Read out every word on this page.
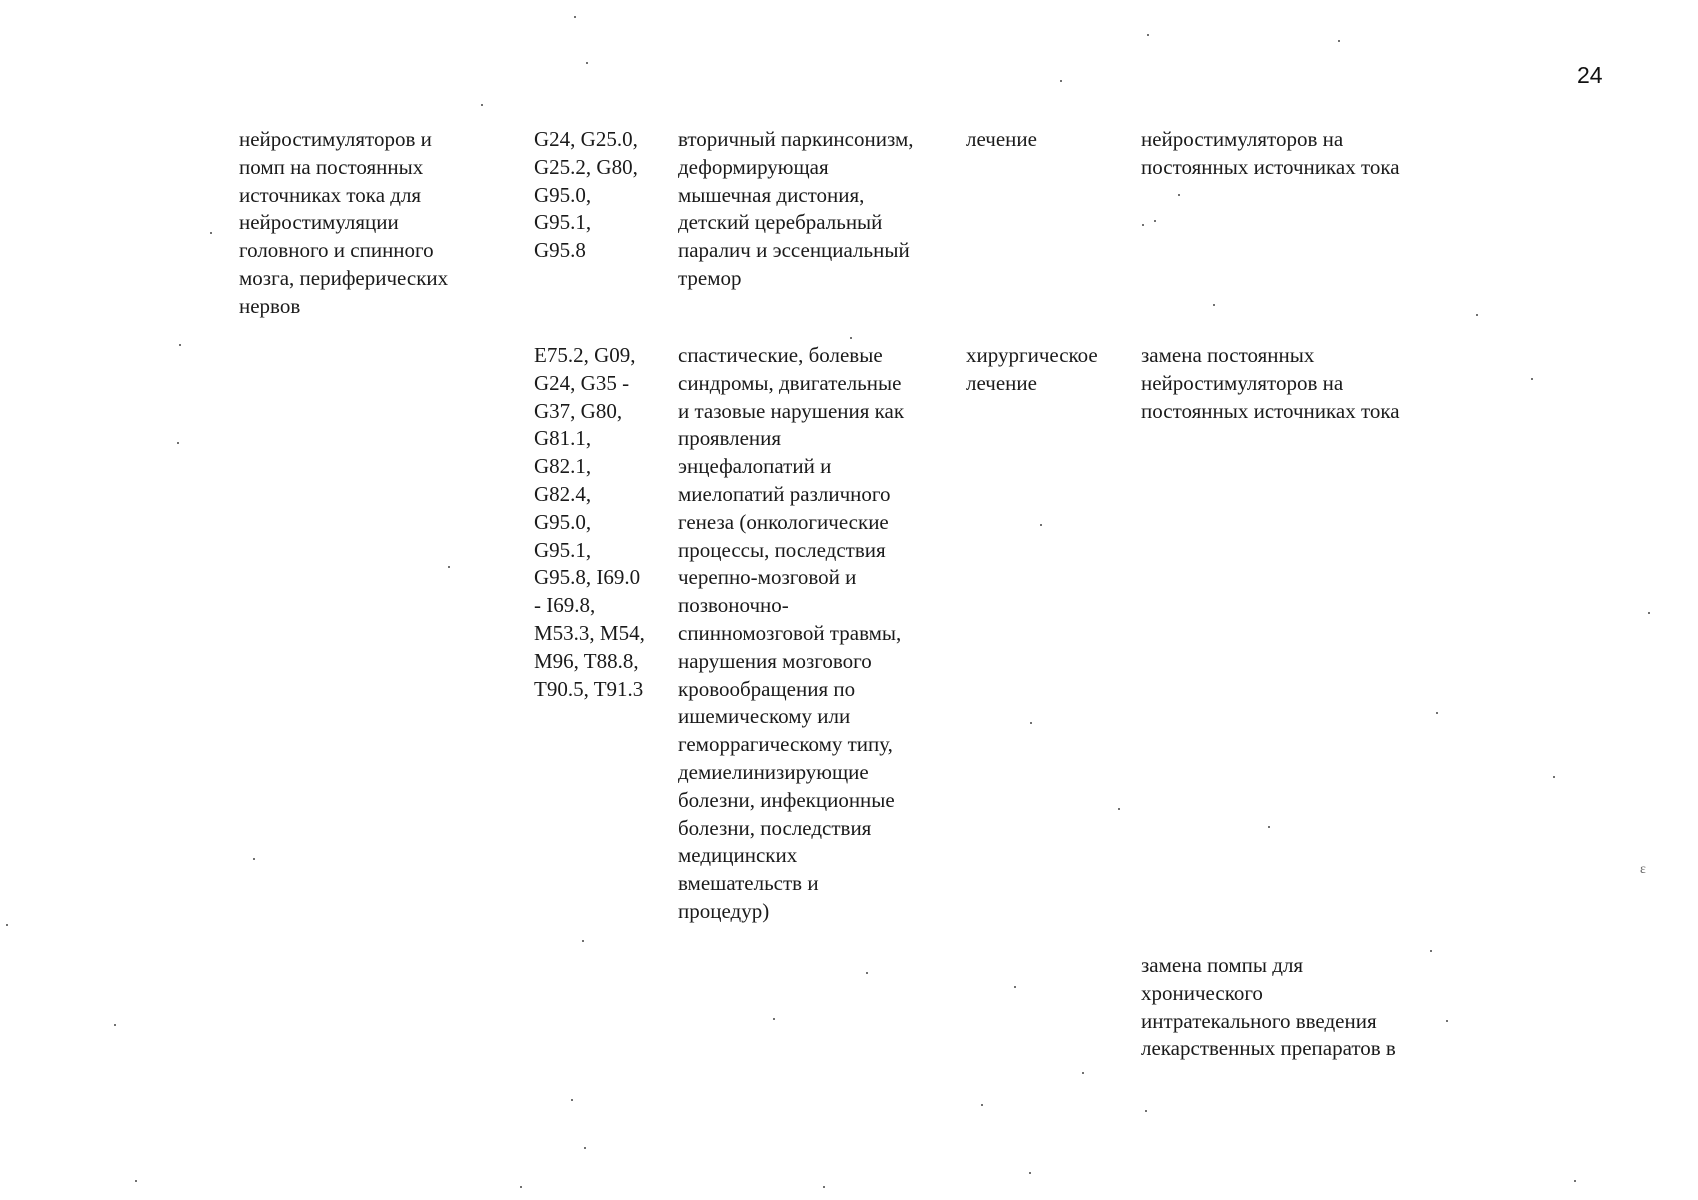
24
нейростимуляторов и
помп на постоянных
источниках тока для
нейростимуляции
головного и спинного
мозга, периферических
нервов
G24, G25.0,
G25.2, G80,
G95.0,
G95.1,
G95.8
вторичный паркинсонизм,
деформирующая
мышечная дистония,
детский церебральный
паралич и эссенциальный
тремор
лечение	нейростимуляторов на
постоянных источниках тока
E75.2, G09,
G24, G35 -
G37, G80,
G81.1,
G82.1,
G82.4,
G95.0,
G95.1,
G95.8, I69.0
- I69.8,
M53.3, M54,
M96, T88.8,
T90.5, T91.3
спастические, болевые
синдромы, двигательные
и тазовые нарушения как
проявления
энцефалопатий и
миелопатий различного
генеза (онкологические
процессы, последствия
черепно-мозговой и
позвоночно-
спинномозговой травмы,
нарушения мозгового
кровообращения по
ишемическому или
геморрагическому типу,
демиелинизирующие
болезни, инфекционные
болезни, последствия
медицинских
вмешательств и
процедур)
хирургическое
лечение
замена постоянных
нейростимуляторов на
постоянных источниках тока
замена помпы для
хронического
интратекального введения
лекарственных препаратов в
ε
